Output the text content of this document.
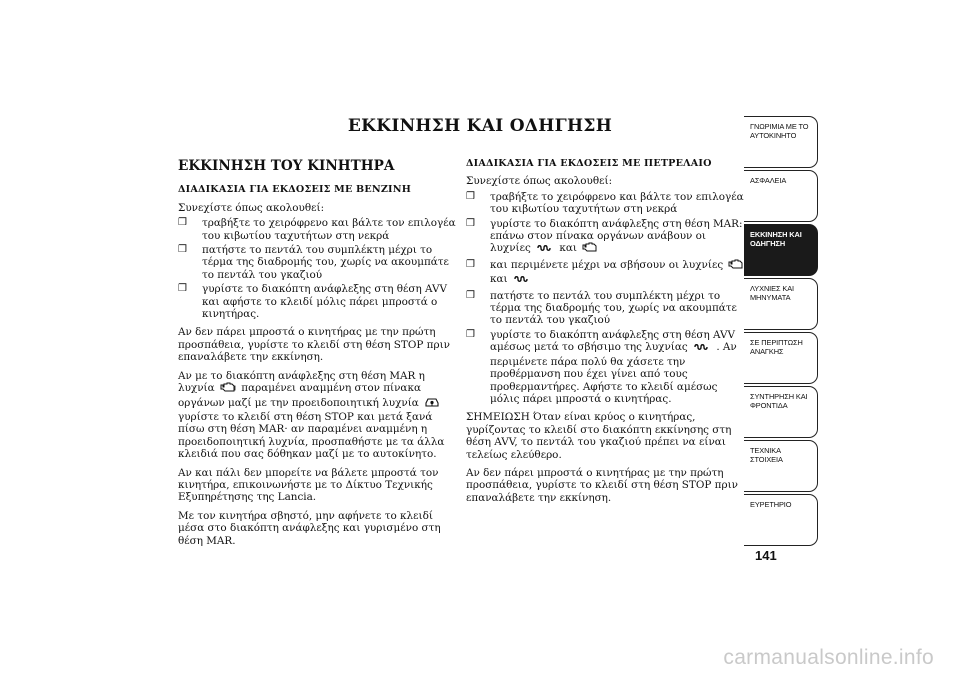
ΕΚΚΙΝΗΣΗ ΚΑΙ ΟΔΗΓΗΣΗ
ΕΚΚΙΝΗΣΗ ΤΟΥ ΚΙΝΗΤΗΡΑ
ΔΙΑΔΙΚΑΣΙΑ ΓΙΑ ΕΚΔΟΣΕΙΣ ΜΕ ΒΕΝΖΙΝΗ
Συνεχίστε όπως ακολουθεί:
❒ τραβήξτε το χειρόφρενο και βάλτε τον επιλογέα του κιβωτίου ταχυτήτων στη νεκρά
❒ πατήστε το πεντάλ του συμπλέκτη μέχρι το τέρμα της διαδρομής του, χωρίς να ακουμπάτε το πεντάλ του γκαζιού
❒ γυρίστε το διακόπτη ανάφλεξης στη θέση AVV και αφήστε το κλειδί μόλις πάρει μπροστά ο κινητήρας.
Αν δεν πάρει μπροστά ο κινητήρας με την πρώτη προσπάθεια, γυρίστε το κλειδί στη θέση STOP πριν επαναλάβετε την εκκίνηση.
Αν με το διακόπτη ανάφλεξης στη θέση MAR η λυχνία	παραμένει αναμμένη στον πίνακα οργάνων μαζί με την προειδοποιητική λυχνία  γυρίστε το κλειδί στη θέση STOP και μετά ξανά πίσω στη θέση MAR· αν παραμένει αναμμένη η προειδοποιητική λυχνία, προσπαθήστε με τα άλλα κλειδιά που σας δόθηκαν μαζί με το αυτοκίνητο.
Αν και πάλι δεν μπορείτε να βάλετε μπροστά τον κινητήρα, επικοινωνήστε με το Δίκτυο Τεχνικής Εξυπηρέτησης της Lancia.
Με τον κινητήρα σβηστό, μην αφήνετε το κλειδί μέσα στο διακόπτη ανάφλεξης και γυρισμένο στη θέση MAR.
ΔΙΑΔΙΚΑΣΙΑ ΓΙΑ ΕΚΔΟΣΕΙΣ ΜΕ ΠΕΤΡΕΛΑΙΟ
Συνεχίστε όπως ακολουθεί:
❒ τραβήξτε το χειρόφρενο και βάλτε τον επιλογέα του κιβωτίου ταχυτήτων στη νεκρά
❒ γυρίστε το διακόπτη ανάφλεξης στη θέση MAR: επάνω στον πίνακα οργάνων ανάβουν οι λυχνίες	και
❒ και περιμένετε μέχρι να σβήσουν οι λυχνίες  και
❒ πατήστε το πεντάλ του συμπλέκτη μέχρι το τέρμα της διαδρομής του, χωρίς να ακουμπάτε το πεντάλ του γκαζιού
❒ γυρίστε το διακόπτη ανάφλεξης στη θέση AVV αμέσως μετά το σβήσιμο της λυχνίας	. Αν περιμένετε πάρα πολύ θα χάσετε την προθέρμανση που έχει γίνει από τους προθερμαντήρες. Αφήστε το κλειδί αμέσως μόλις πάρει μπροστά ο κινητήρας.
ΣΗΜΕΙΩΣΗ Όταν είναι κρύος ο κινητήρας, γυρίζοντας το κλειδί στο διακόπτη εκκίνησης στη θέση AVV, το πεντάλ του γκαζιού πρέπει να είναι τελείως ελεύθερο.
Αν δεν πάρει μπροστά ο κινητήρας με την πρώτη προσπάθεια, γυρίστε το κλειδί στη θέση STOP πριν επαναλάβετε την εκκίνηση.
ΓΝΩΡΙΜΙΑ ΜΕ ΤΟ ΑΥΤΟΚΙΝΗΤΟ
ΑΣΦΑΛΕΙΑ
ΕΚΚΙΝΗΣΗ ΚΑΙ ΟΔΗΓΗΣΗ
ΛΥΧΝΙΕΣ ΚΑΙ ΜΗΝΥΜΑΤΑ
ΣΕ ΠΕΡΙΠΤΩΣΗ ΑΝΑΓΚΗΣ
ΣΥΝΤΗΡΗΣΗ ΚΑΙ ΦΡΟΝΤΙΔΑ
ΤΕΧΝΙΚΑ ΣΤΟΙΧΕΙΑ
ΕΥΡΕΤΗΡΙΟ
141
carmanualsonline.info
